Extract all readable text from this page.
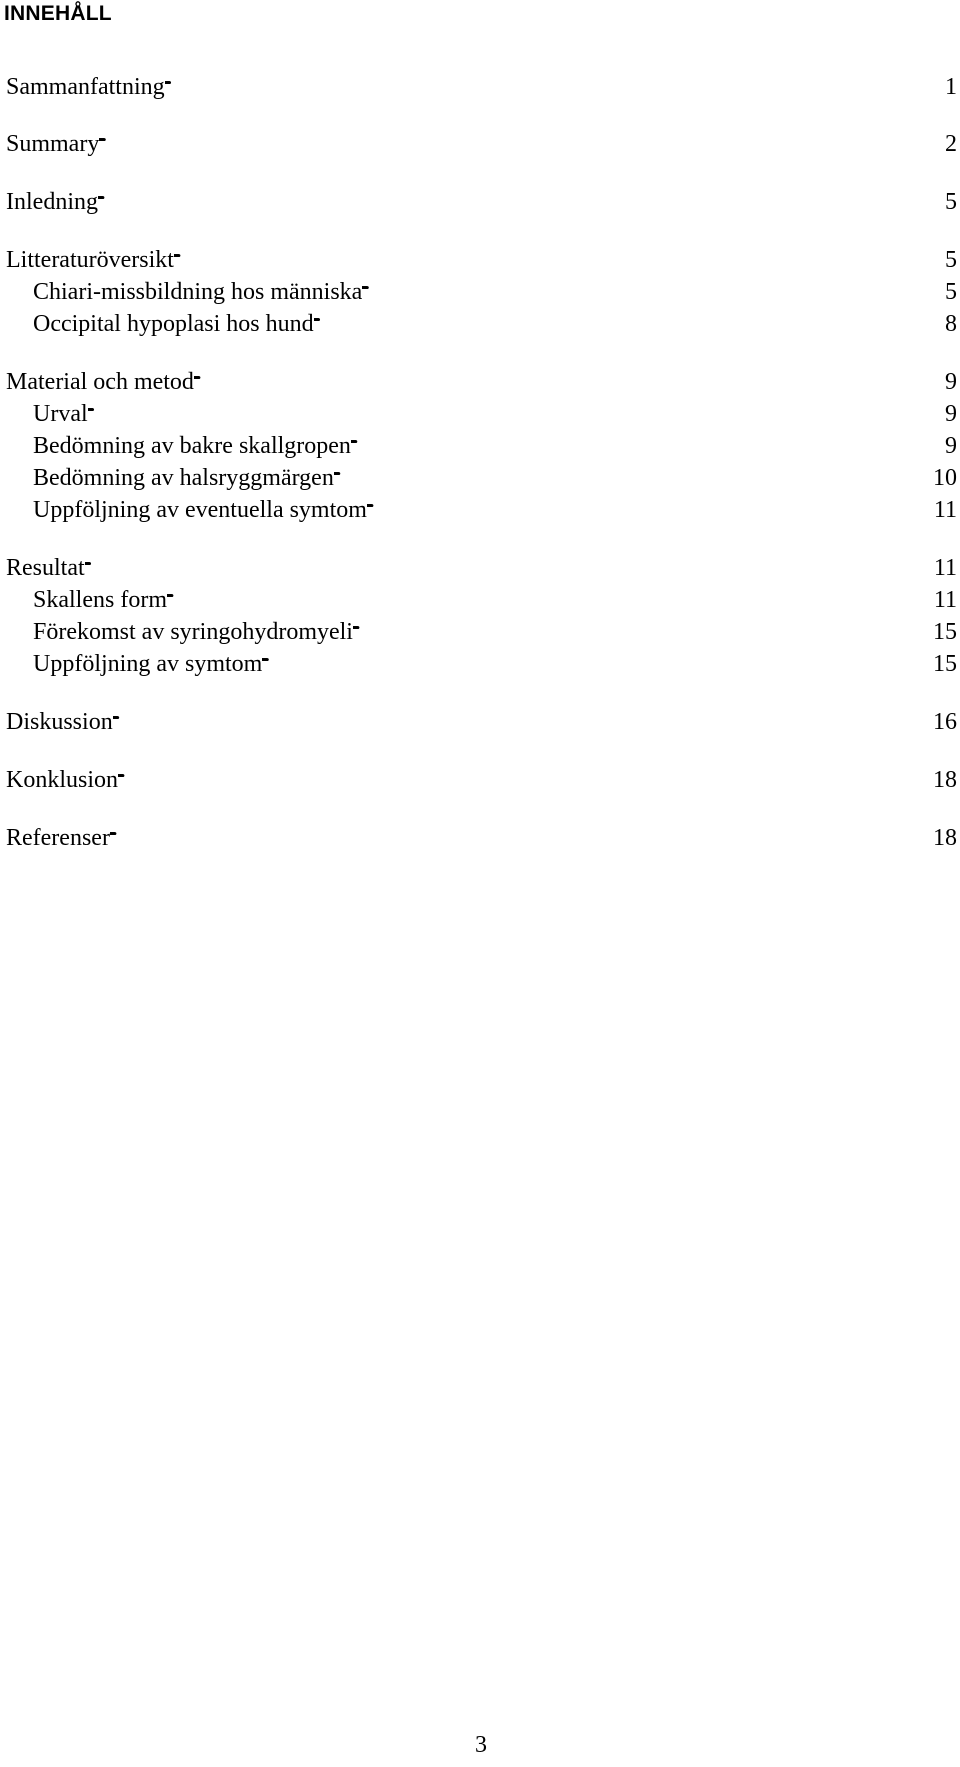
INNEHÅLL
Sammanfattning . . .	1
Summary . . .	2
Inledning . . .	5
Litteraturöversikt . . .	5
Chiari-missbildning hos människa . . .	5
Occipital hypoplasi hos hund . . .	8
Material och metod . . .	9
Urval . . .	9
Bedömning av bakre skallgropen . . .	9
Bedömning av halsryggmärgen . . .	10
Uppföljning av eventuella symtom . . .	11
Resultat . . .	11
Skallens form . . .	11
Förekomst av syringohydromyeli . . .	15
Uppföljning av symtom . . .	15
Diskussion . . .	16
Konklusion . . .	18
Referenser . . .	18
3
